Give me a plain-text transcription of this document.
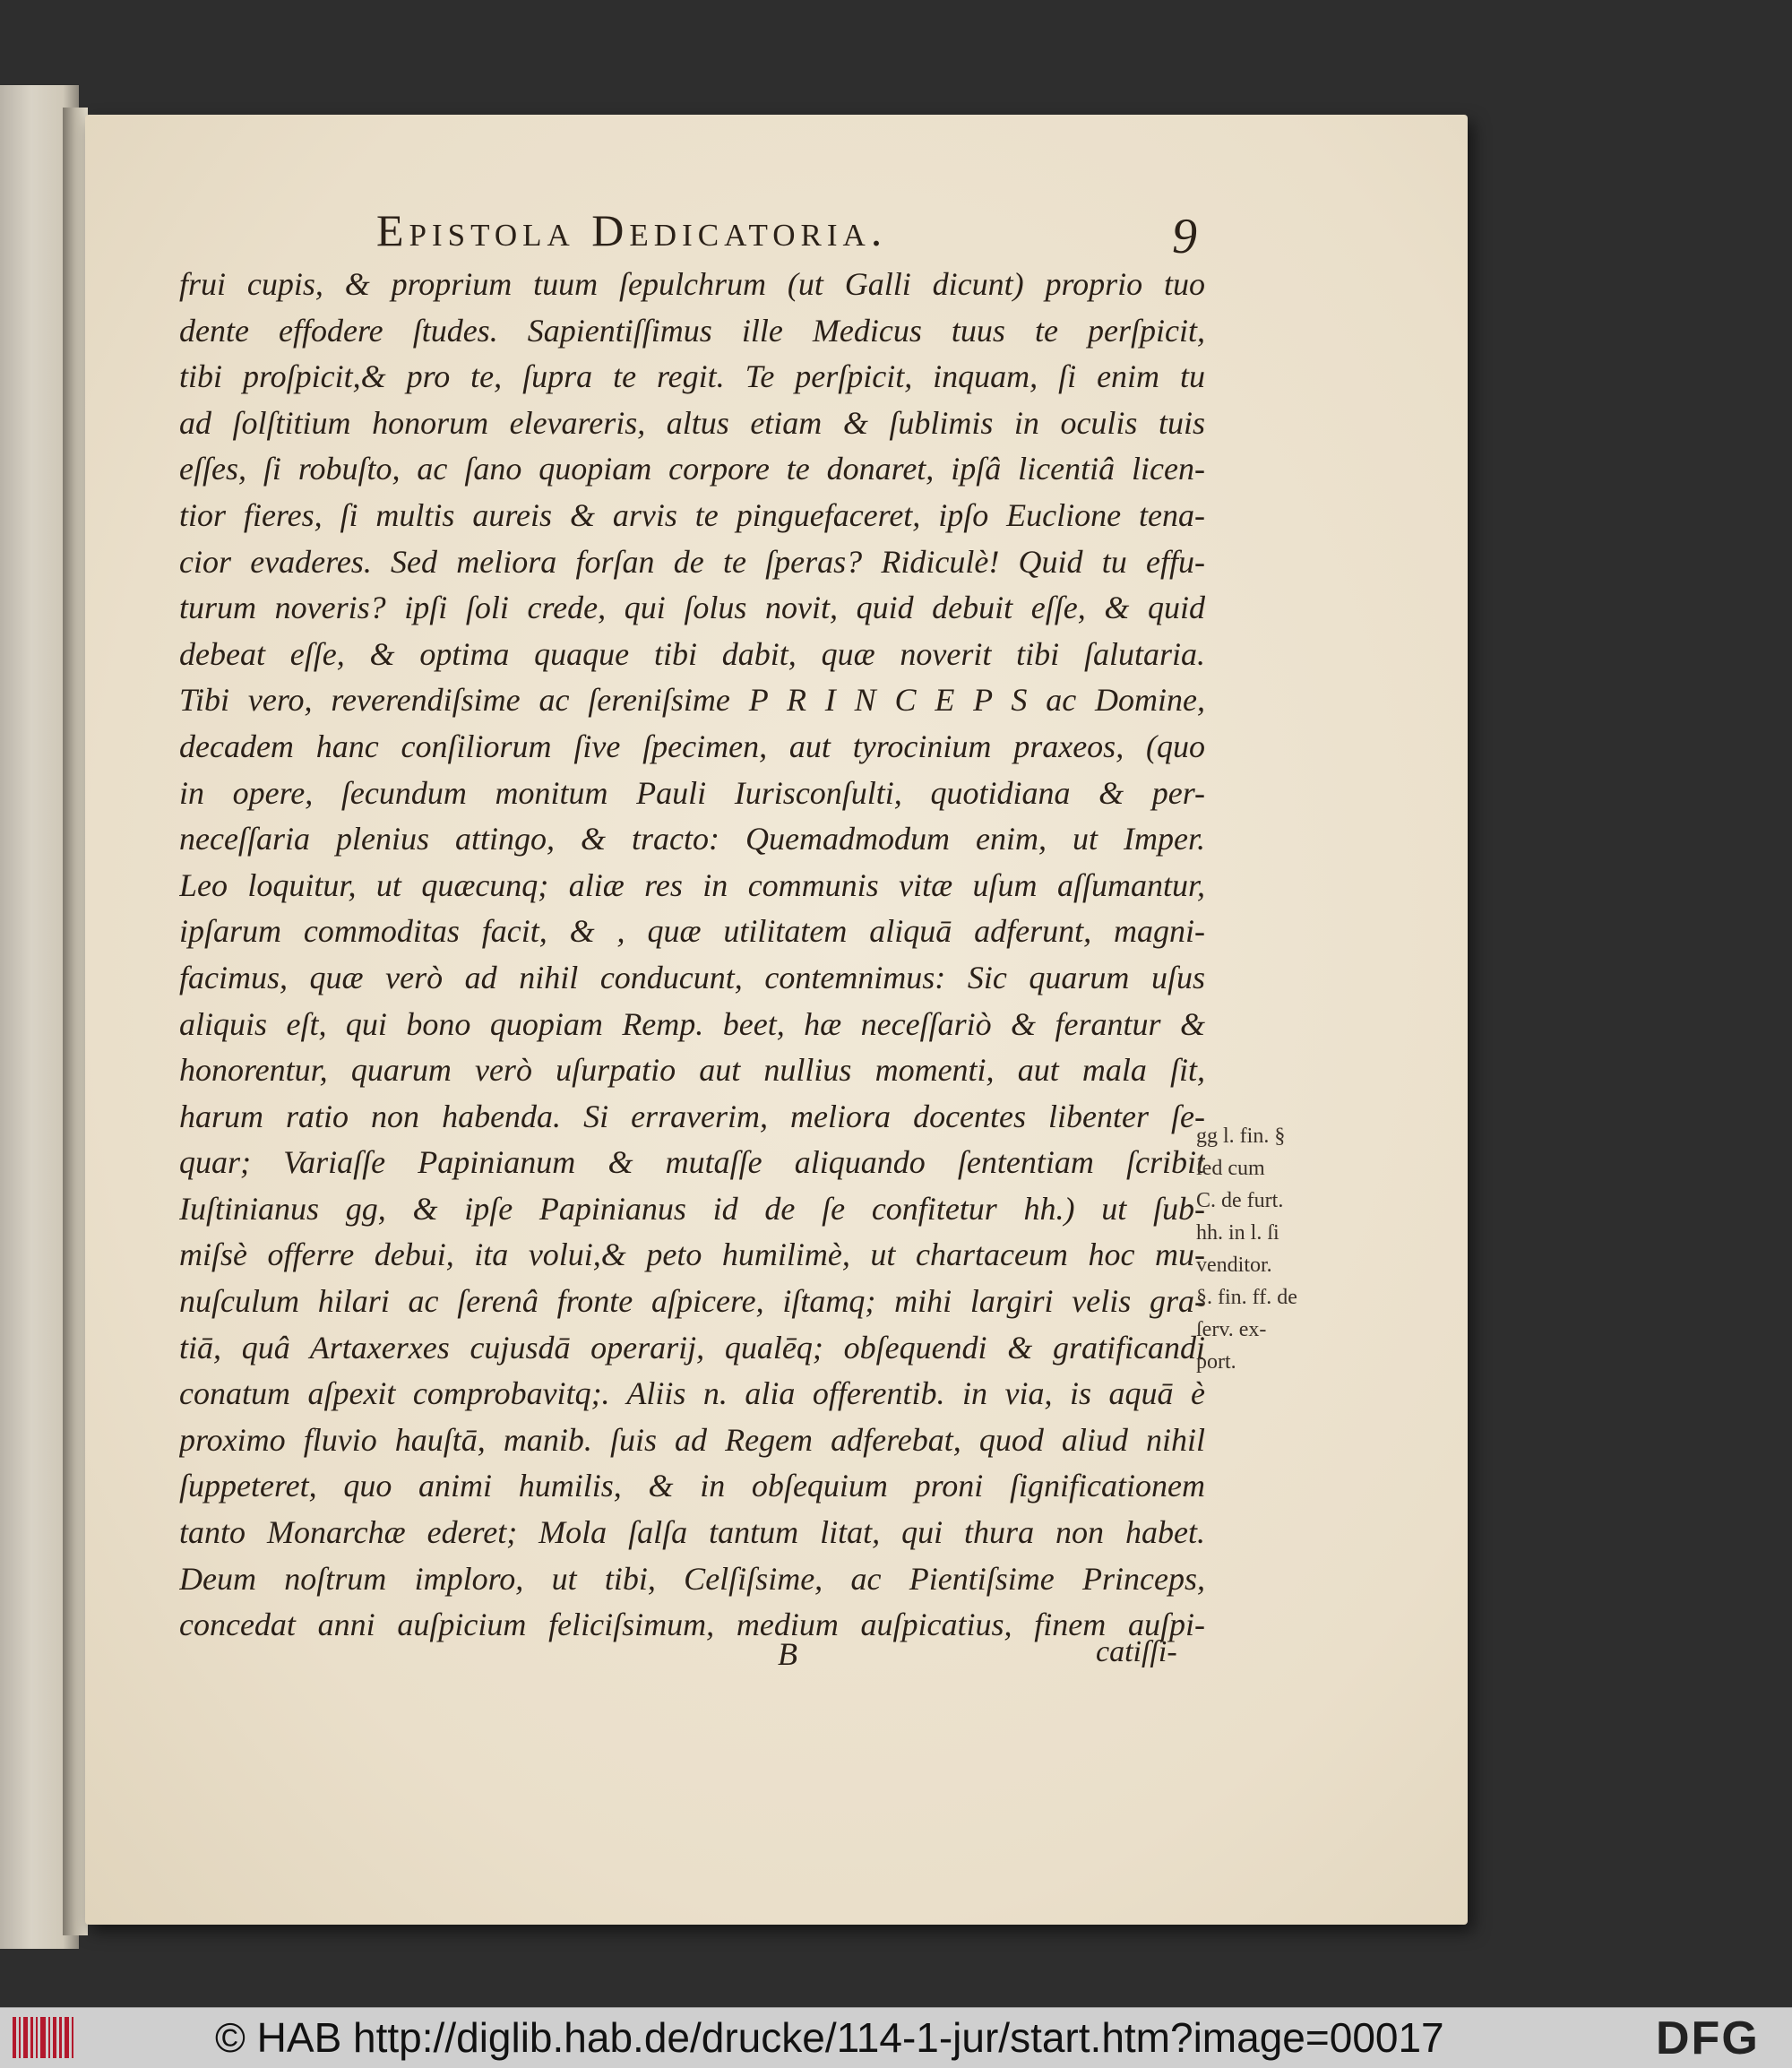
Epistola Dedicatoria.	9
frui cupis, & proprium tuum ſepulchrum (ut Galli dicunt) proprio tuo
dente effodere ſtudes. Sapientiſſimus ille Medicus tuus te perſpicit,
tibi proſpicit,& pro te, ſupra te regit. Te perſpicit, inquam, ſi enim tu
ad ſolſtitium honorum elevareris, altus etiam & ſublimis in oculis tuis
eſſes, ſi robuſto, ac ſano quopiam corpore te donaret, ipſâ licentiâ licen-
tior fieres, ſi multis aureis & arvis te pinguefaceret, ipſo Euclione tena-
cior evaderes. Sed meliora forſan de te ſperas? Ridiculè! Quid tu effu-
turum noveris? ipſi ſoli crede, qui ſolus novit, quid debuit eſſe, & quid
debeat eſſe, & optima quaque tibi dabit, quæ noverit tibi ſalutaria.
Tibi vero, reverendiſsime ac ſereniſsime P R I N C E P S ac Domine,
decadem hanc conſiliorum ſive ſpecimen, aut tyrocinium praxeos, (quo
in opere, ſecundum monitum Pauli Iurisconſulti, quotidiana & per-
neceſſaria plenius attingo, & tracto: Quemadmodum enim, ut Imper.
Leo loquitur, ut quæcunq; aliæ res in communis vitæ uſum aſſumantur,
ipſarum commoditas facit, & , quæ utilitatem aliquā adferunt, magni-
facimus, quæ verò ad nihil conducunt, contemnimus: Sic quarum uſus
aliquis eſt, qui bono quopiam Remp. beet, hæ neceſſariò & ferantur &
honorentur, quarum verò uſurpatio aut nullius momenti, aut mala ſit,
harum ratio non habenda. Si erraverim, meliora docentes libenter ſe-
quar; Variaſſe Papinianum & mutaſſe aliquando ſententiam ſcribit
Iuſtinianus gg, & ipſe Papinianus id de ſe confitetur hh.) ut ſub-
miſsè offerre debui, ita volui,& peto humilimè, ut chartaceum hoc mu-
nuſculum hilari ac ſerenâ fronte aſpicere, iſtamq; mihi largiri velis gra-
tiā, quâ Artaxerxes cujusdā operarij, qualēq; obſequendi & gratificandi
conatum aſpexit comprobavitq;. Aliis n. alia offerentib. in via, is aquā è
proximo fluvio hauſtā, manib. ſuis ad Regem adferebat, quod aliud nihil
ſuppeteret, quo animi humilis, & in obſequium proni ſignificationem
tanto Monarchæ ederet; Mola ſalſa tantum litat, qui thura non habet.
Deum noſtrum imploro, ut tibi, Celſiſsime, ac Pientiſsime Princeps,
concedat anni auſpicium feliciſsimum, medium auſpicatius, finem auſpi-
gg l. fin. §
ſed cum
C. de furt.
hh. in l. ſi
venditor.
§. fin. ff. de
ſerv. ex-
port.
B	catiſſi-
© HAB http://diglib.hab.de/drucke/114-1-jur/start.htm?image=00017	DFG
